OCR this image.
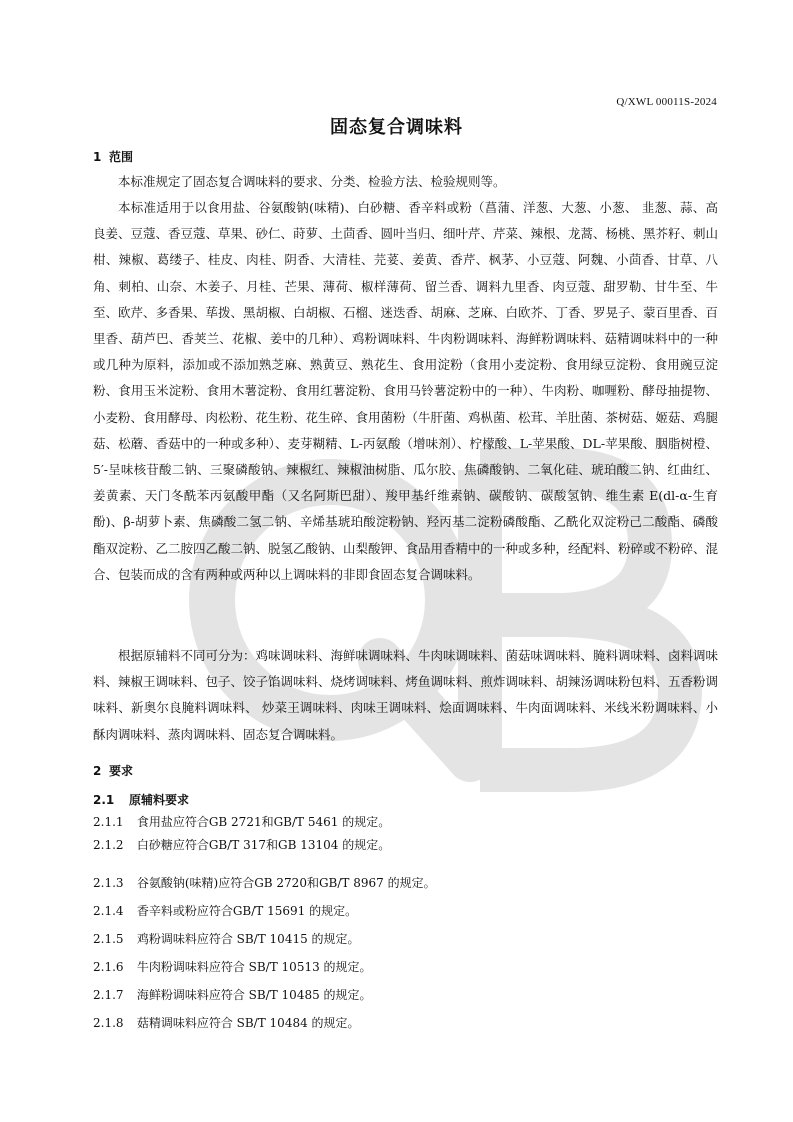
Q/XWL 00011S-2024
固态复合调味料
1 范围
本标准规定了固态复合调味料的要求、分类、检验方法、检验规则等。
本标准适用于以食用盐、谷氨酸钠(味精)、白砂糖、香辛料或粉（菖蒲、洋葱、大葱、小葱、 韭葱、蒜、高良姜、豆蔻、香豆蔻、草果、砂仁、莳萝、土茴香、圆叶当归、细叶芹、芹菜、辣根、龙蒿、杨桃、黑芥籽、刺山柑、辣椒、葛缕子、桂皮、肉桂、阴香、大清桂、芫荽、姜黄、香芹、枫茅、小豆蔻、阿魏、小茴香、甘草、八角、刺柏、山奈、木姜子、月桂、芒果、薄荷、椒样薄荷、留兰香、调料九里香、肉豆蔻、甜罗勒、甘牛至、牛至、欧芹、多香果、荜拨、黑胡椒、白胡椒、石榴、迷迭香、胡麻、芝麻、白欧芥、丁香、罗晃子、蒙百里香、百里香、葫芦巴、香荚兰、花椒、姜中的几种）、鸡粉调味料、牛肉粉调味料、海鲜粉调味料、菇精调味料中的一种或几种为原料，添加或不添加熟芝麻、熟黄豆、熟花生、食用淀粉（食用小麦淀粉、食用绿豆淀粉、食用豌豆淀粉、食用玉米淀粉、食用木薯淀粉、食用红薯淀粉、食用马铃薯淀粉中的一种）、牛肉粉、咖喱粉、酵母抽提物、小麦粉、食用酵母、肉松粉、花生粉、花生碎、食用菌粉（牛肝菌、鸡枞菌、松茸、羊肚菌、茶树菇、姬菇、鸡腿菇、松蘑、香菇中的一种或多种）、麦芽糊精、L-丙氨酸（增味剂）、柠檬酸、L-苹果酸、DL-苹果酸、胭脂树橙、5′-呈味核苷酸二钠、三聚磷酸钠、辣椒红、辣椒油树脂、瓜尔胶、焦磷酸钠、二氧化硅、琥珀酸二钠、红曲红、姜黄素、天门冬酰苯丙氨酸甲酯（又名阿斯巴甜）、羧甲基纤维素钠、碳酸钠、碳酸氢钠、维生素 E(dl-α-生育酚)、β-胡萝卜素、焦磷酸二氢二钠、辛烯基琥珀酸淀粉钠、羟丙基二淀粉磷酸酯、乙酰化双淀粉己二酸酯、磷酸酯双淀粉、乙二胺四乙酸二钠、脱氢乙酸钠、山梨酸钾、食品用香精中的一种或多种，经配料、粉碎或不粉碎、混合、包装而成的含有两种或两种以上调味料的非即食固态复合调味料。
根据原辅料不同可分为：鸡味调味料、海鲜味调味料、牛肉味调味料、菌菇味调味料、腌料调味料、卤料调味料、辣椒王调味料、包子、饺子馅调味料、烧烤调味料、烤鱼调味料、煎炸调味料、胡辣汤调味粉包料、五香粉调味料、新奥尔良腌料调味料、 炒菜王调味料、肉味王调味料、烩面调味料、牛肉面调味料、米线米粉调味料、小酥肉调味料、蒸肉调味料、固态复合调味料。
2 要求
2.1 原辅料要求
2.1.1 食用盐应符合GB 2721和GB/T 5461 的规定。
2.1.2 白砂糖应符合GB/T 317和GB 13104 的规定。
2.1.3 谷氨酸钠(味精)应符合GB 2720和GB/T 8967 的规定。
2.1.4 香辛料或粉应符合GB/T 15691 的规定。
2.1.5 鸡粉调味料应符合 SB/T 10415 的规定。
2.1.6 牛肉粉调味料应符合 SB/T 10513 的规定。
2.1.7 海鲜粉调味料应符合 SB/T 10485 的规定。
2.1.8 菇精调味料应符合 SB/T 10484 的规定。
